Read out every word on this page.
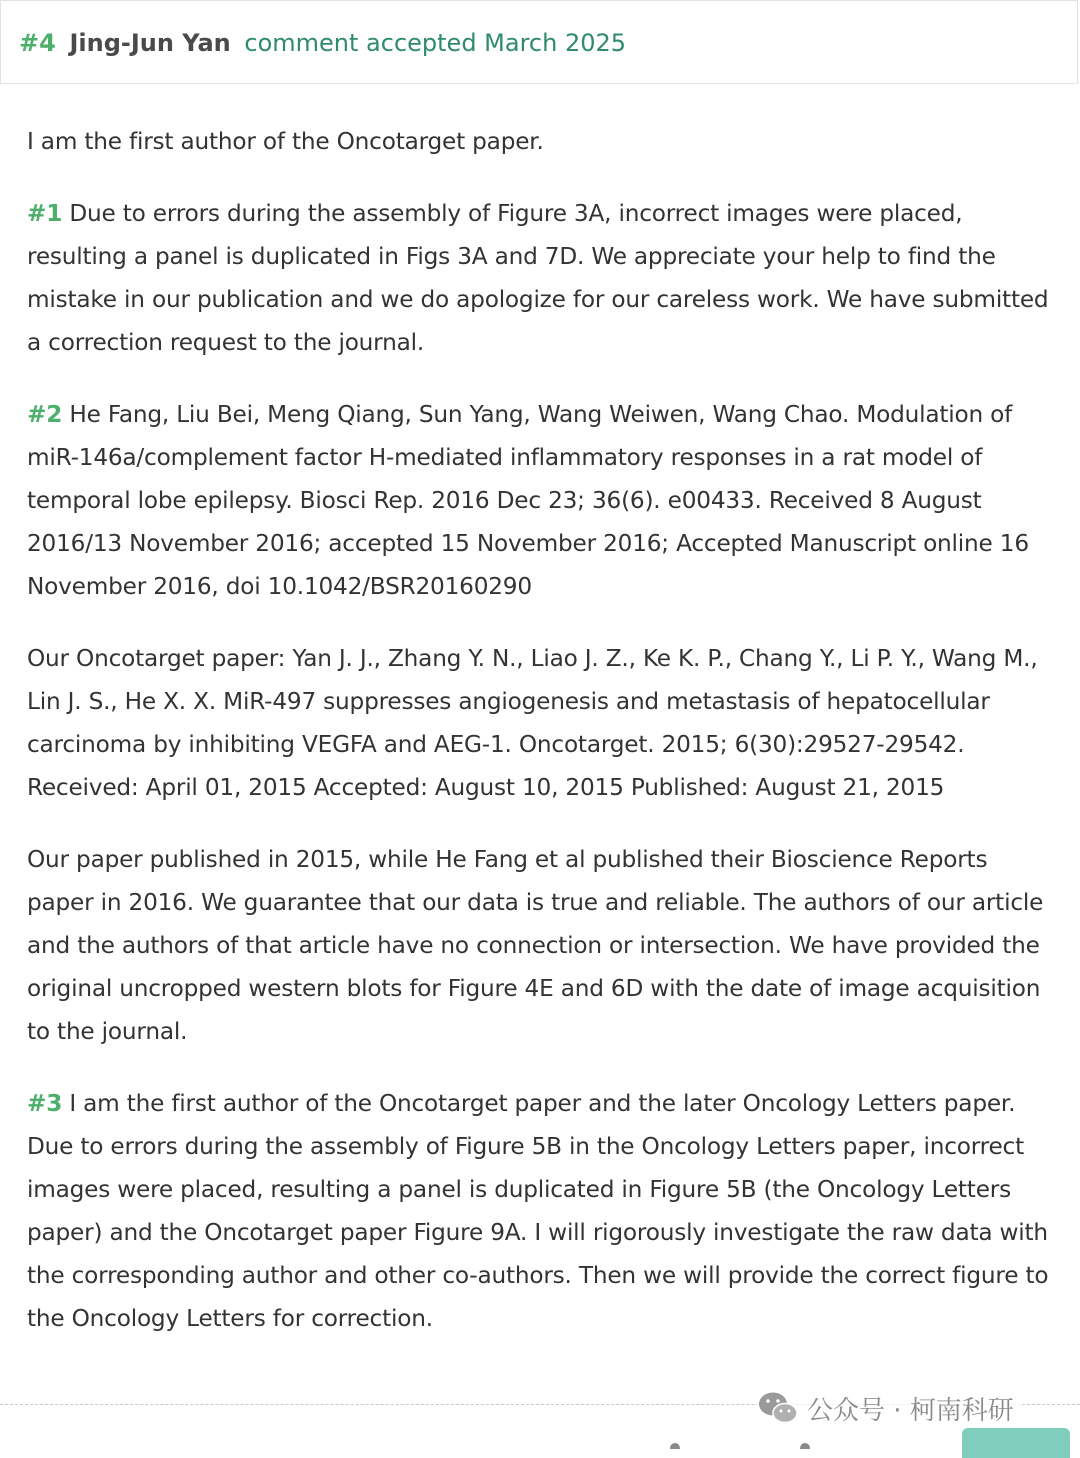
#4 Jing-Jun Yan comment accepted March 2025

I am the first author of the Oncotarget paper.

#1 Due to errors during the assembly of Figure 3A, incorrect images were placed, resulting a panel is duplicated in Figs 3A and 7D. We appreciate your help to find the mistake in our publication and we do apologize for our careless work. We have submitted a correction request to the journal.

#2 He Fang, Liu Bei, Meng Qiang, Sun Yang, Wang Weiwen, Wang Chao. Modulation of miR-146a/complement factor H-mediated inflammatory responses in a rat model of temporal lobe epilepsy. Biosci Rep. 2016 Dec 23; 36(6). e00433. Received 8 August 2016/13 November 2016; accepted 15 November 2016; Accepted Manuscript online 16 November 2016, doi 10.1042/BSR20160290

Our Oncotarget paper: Yan J. J., Zhang Y. N., Liao J. Z., Ke K. P., Chang Y., Li P. Y., Wang M., Lin J. S., He X. X. MiR-497 suppresses angiogenesis and metastasis of hepatocellular carcinoma by inhibiting VEGFA and AEG-1. Oncotarget. 2015; 6(30):29527-29542. Received: April 01, 2015 Accepted: August 10, 2015 Published: August 21, 2015

Our paper published in 2015, while He Fang et al published their Bioscience Reports paper in 2016. We guarantee that our data is true and reliable. The authors of our article and the authors of that article have no connection or intersection. We have provided the original uncropped western blots for Figure 4E and 6D with the date of image acquisition to the journal.

#3 I am the first author of the Oncotarget paper and the later Oncology Letters paper. Due to errors during the assembly of Figure 5B in the Oncology Letters paper, incorrect images were placed, resulting a panel is duplicated in Figure 5B (the Oncology Letters paper) and the Oncotarget paper Figure 9A. I will rigorously investigate the raw data with the corresponding author and other co-authors. Then we will provide the correct figure to the Oncology Letters for correction.

公众号 · 柯南科研
